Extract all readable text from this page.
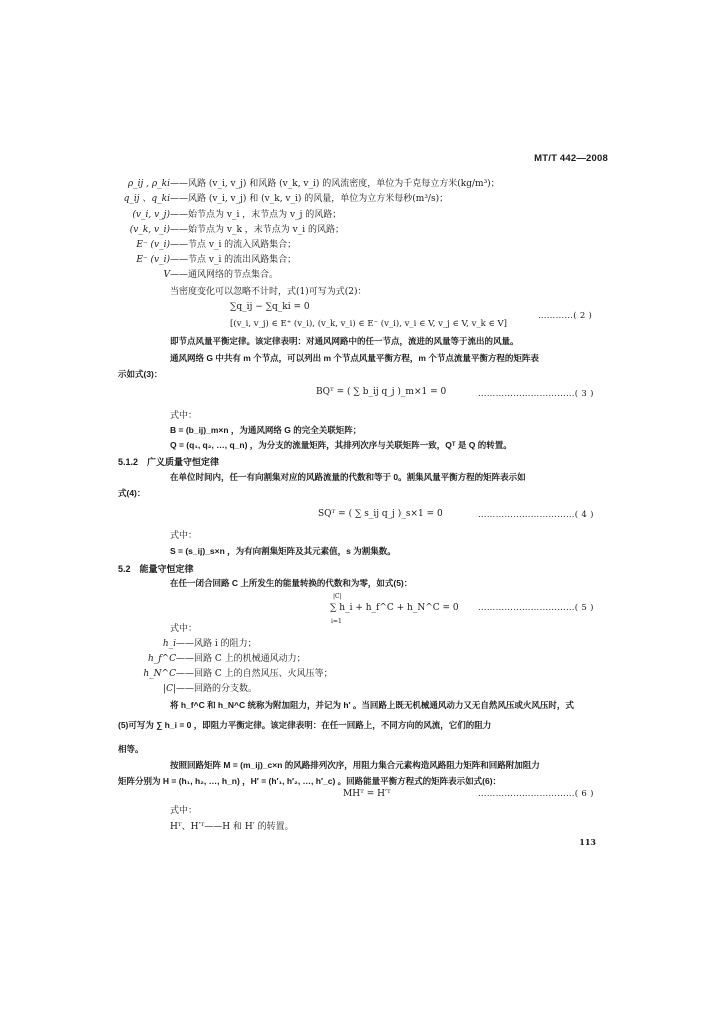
MT/T 442—2008
ρ_ij , ρ_ki——风路 (v_i, v_j) 和风路 (v_k, v_i) 的风流密度，单位为千克每立方米(kg/m³)；
q_ij 、q_ki——风路 (v_i, v_j) 和 (v_k, v_i) 的风量，单位为立方米每秒(m³/s)；
(v_i, v_j)——始节点为 v_i ，末节点为 v_j 的风路；
(v_k, v_i)——始节点为 v_k ，末节点为 v_i 的风路；
E⁻ (v_i)——节点 v_i 的流入风路集合；
E⁻ (v_i)——节点 v_i 的流出风路集合；
V——通风网络的节点集合。
当密度变化可以忽略不计时，式(1)可写为式(2)：
∑q_ij − ∑q_ki = 0
[(v_i, v_j) ∈ E⁺ (v_i), (v_k, v_i) ∈ E⁻ (v_i), v_i ∈ V, v_j ∈ V, v_k ∈ V]
…………( 2 )
即节点风量平衡定律。该定律表明：对通风网路中的任一节点，流进的风量等于流出的风量。
通风网络 G 中共有 m 个节点，可以列出 m 个节点风量平衡方程，m 个节点流量平衡方程的矩阵表
示如式(3)：
BQᵀ = ( ∑ b_ij q_j )_m×1 = 0	……………………………( 3 )
式中：
B = (b_ij)_m×n ，为通风网络 G 的完全关联矩阵；
Q = (q₁, q₂, …, q_n) ，为分支的流量矩阵，其排列次序与关联矩阵一致，Qᵀ 是 Q 的转置。
5.1.2　广义质量守恒定律
在单位时间内，任一有向割集对应的风路流量的代数和等于 0。割集风量平衡方程的矩阵表示如
式(4)：
SQᵀ = ( ∑ s_ij q_j )_s×1 = 0	……………………………( 4 )
式中：
S = (s_ij)_s×n ，为有向割集矩阵及其元素值，s 为割集数。
5.2　能量守恒定律
在任一闭合回路 C 上所发生的能量转换的代数和为零，如式(5)：
|C|
i=1
∑ h_i + h_f^C + h_N^C = 0 ……………………………( 5 )
式中：
h_i——风路 i 的阻力；
h_f^C——回路 C 上的机械通风动力；
h_N^C——回路 C 上的自然风压、火风压等；
|C|——回路的分支数。
将 h_f^C 和 h_N^C 统称为附加阻力，并记为 h′ 。当回路上既无机械通风动力又无自然风压或火风压时，式
(5)可写为 ∑ h_i = 0 ，即阻力平衡定律。该定律表明：在任一回路上，不同方向的风流，它们的阻力
相等。
按照回路矩阵 M = (m_ij)_c×n 的风路排列次序，用阻力集合元素构造风路阻力矩阵和回路附加阻力
矩阵分别为 H = (h₁, h₂, …, h_n) ，H′ = (h′₁, h′₂, …, h′_c) 。回路能量平衡方程式的矩阵表示如式(6)：
MHᵀ = H′ᵀ	……………………………( 6 )
式中：
Hᵀ、H′ᵀ——H 和 H′ 的转置。
113
